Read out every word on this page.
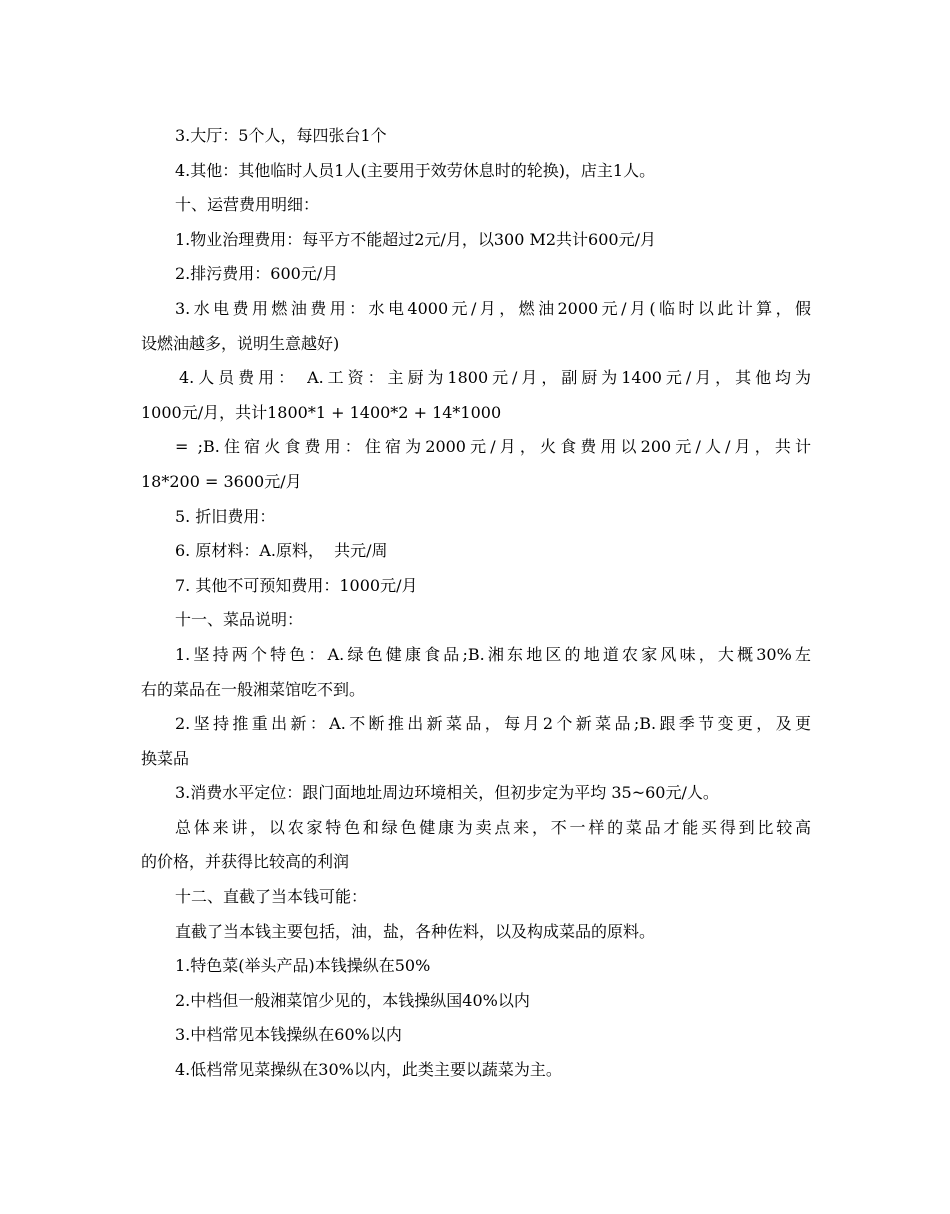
3.大厅：5个人，每四张台1个
4.其他：其他临时人员1人(主要用于效劳休息时的轮换)，店主1人。
十、运营费用明细：
1.物业治理费用：每平方不能超过2元/月，以300 M2共计600元/月
2.排污费用：600元/月
3.水电费用燃油费用：水电4000元/月，燃油2000元/月(临时以此计算，假
设燃油越多，说明生意越好)
4.人员费用： A.工资：主厨为1800元/月，副厨为1400元/月，其他均为
1000元/月，共计1800*1 + 1400*2 + 14*1000
= ;B.住宿火食费用：住宿为2000元/月，火食费用以200元/人/月，共计
18*200 = 3600元/月
5. 折旧费用：
6. 原材料：A.原料，  共元/周
7. 其他不可预知费用：1000元/月
十一、菜品说明：
1.坚持两个特色：A.绿色健康食品;B.湘东地区的地道农家风味，大概30%左
右的菜品在一般湘菜馆吃不到。
2.坚持推重出新：A.不断推出新菜品，每月2个新菜品;B.跟季节变更，及更
换菜品
3.消费水平定位：跟门面地址周边环境相关，但初步定为平均 35~60元/人。
总体来讲，以农家特色和绿色健康为卖点来，不一样的菜品才能买得到比较高
的价格，并获得比较高的利润
十二、直截了当本钱可能：
直截了当本钱主要包括，油，盐，各种佐料，以及构成菜品的原料。
1.特色菜(举头产品)本钱操纵在50%
2.中档但一般湘菜馆少见的，本钱操纵国40%以内
3.中档常见本钱操纵在60%以内
4.低档常见菜操纵在30%以内，此类主要以蔬菜为主。
